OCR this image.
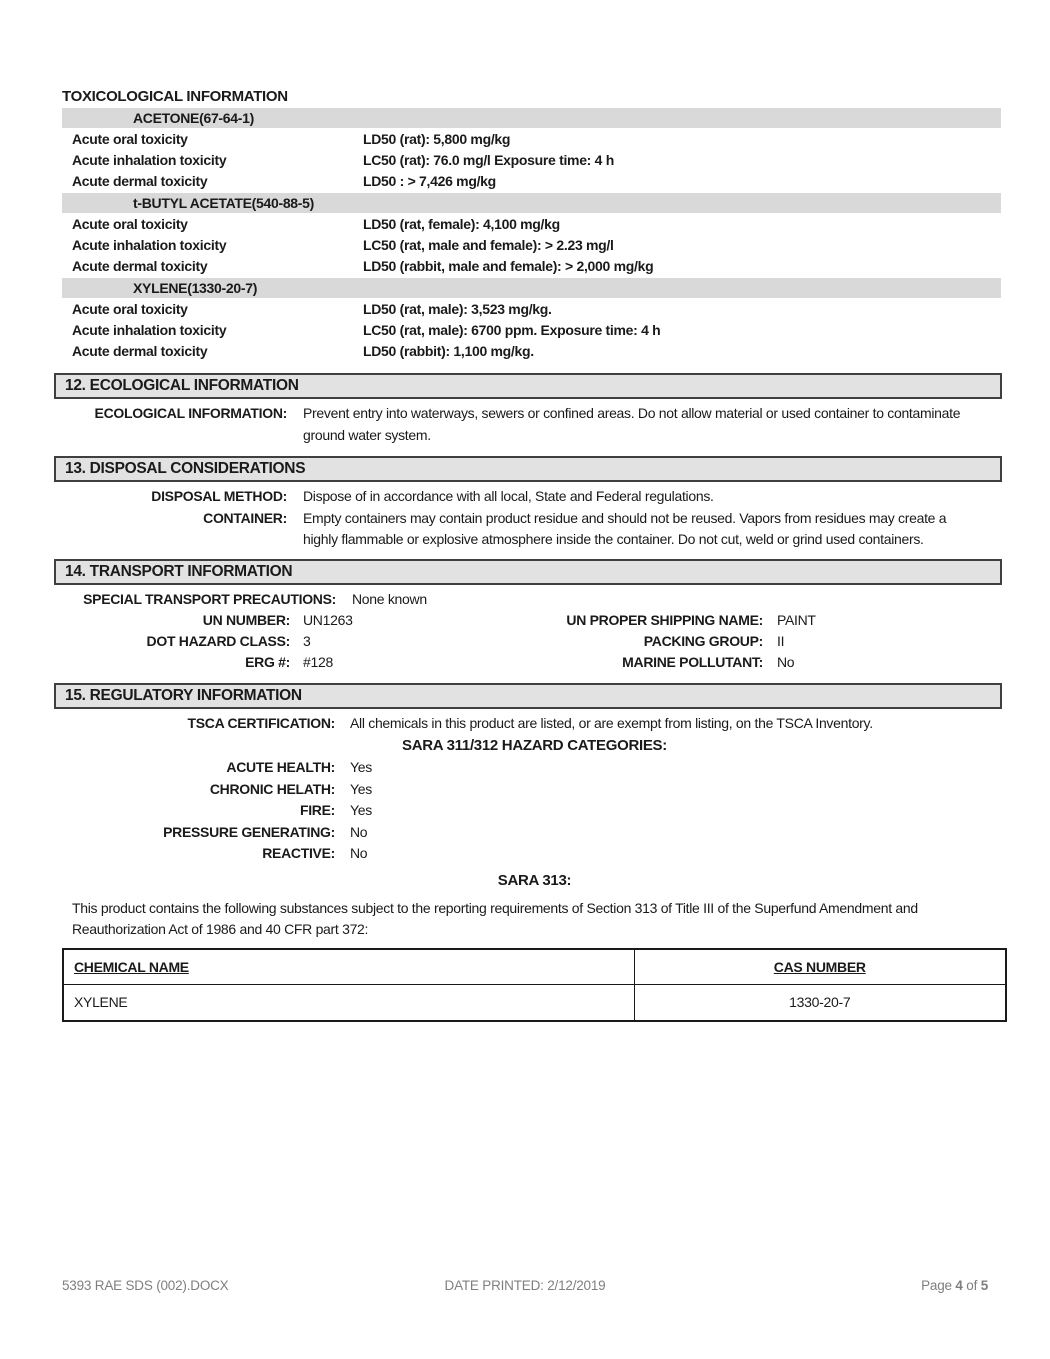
TOXICOLOGICAL INFORMATION
ACETONE(67-64-1)
Acute oral toxicity	LD50 (rat): 5,800 mg/kg
Acute inhalation toxicity	LC50 (rat): 76.0 mg/l Exposure time: 4 h
Acute dermal toxicity	LD50 : > 7,426 mg/kg
t-BUTYL ACETATE(540-88-5)
Acute oral toxicity	LD50 (rat, female): 4,100 mg/kg
Acute inhalation toxicity	LC50 (rat, male and female): > 2.23 mg/l
Acute dermal toxicity	LD50 (rabbit, male and female): > 2,000 mg/kg
XYLENE(1330-20-7)
Acute oral toxicity	LD50 (rat, male): 3,523 mg/kg.
Acute inhalation toxicity	LC50 (rat, male): 6700 ppm. Exposure time: 4 h
Acute dermal toxicity	LD50 (rabbit): 1,100 mg/kg.
12. ECOLOGICAL INFORMATION
ECOLOGICAL INFORMATION: Prevent entry into waterways, sewers or confined areas. Do not allow material or used container to contaminate ground water system.
13. DISPOSAL CONSIDERATIONS
DISPOSAL METHOD: Dispose of in accordance with all local, State and Federal regulations.
CONTAINER: Empty containers may contain product residue and should not be reused. Vapors from residues may create a highly flammable or explosive atmosphere inside the container. Do not cut, weld or grind used containers.
14. TRANSPORT INFORMATION
SPECIAL TRANSPORT PRECAUTIONS: None known
UN NUMBER: UN1263	UN PROPER SHIPPING NAME: PAINT
DOT HAZARD CLASS: 3	PACKING GROUP: II
ERG #: #128	MARINE POLLUTANT: No
15. REGULATORY INFORMATION
TSCA CERTIFICATION: All chemicals in this product are listed, or are exempt from listing, on the TSCA Inventory.
SARA 311/312 HAZARD CATEGORIES:
ACUTE HEALTH: Yes
CHRONIC HELATH: Yes
FIRE: Yes
PRESSURE GENERATING: No
REACTIVE: No
SARA 313:
This product contains the following substances subject to the reporting requirements of Section 313 of Title III of the Superfund Amendment and Reauthorization Act of 1986 and 40 CFR part 372:
CHEMICAL NAME	CAS NUMBER
XYLENE	1330-20-7
DATE PRINTED: 2/12/2019
5393 RAE SDS (002).DOCX	Page 4 of 5
